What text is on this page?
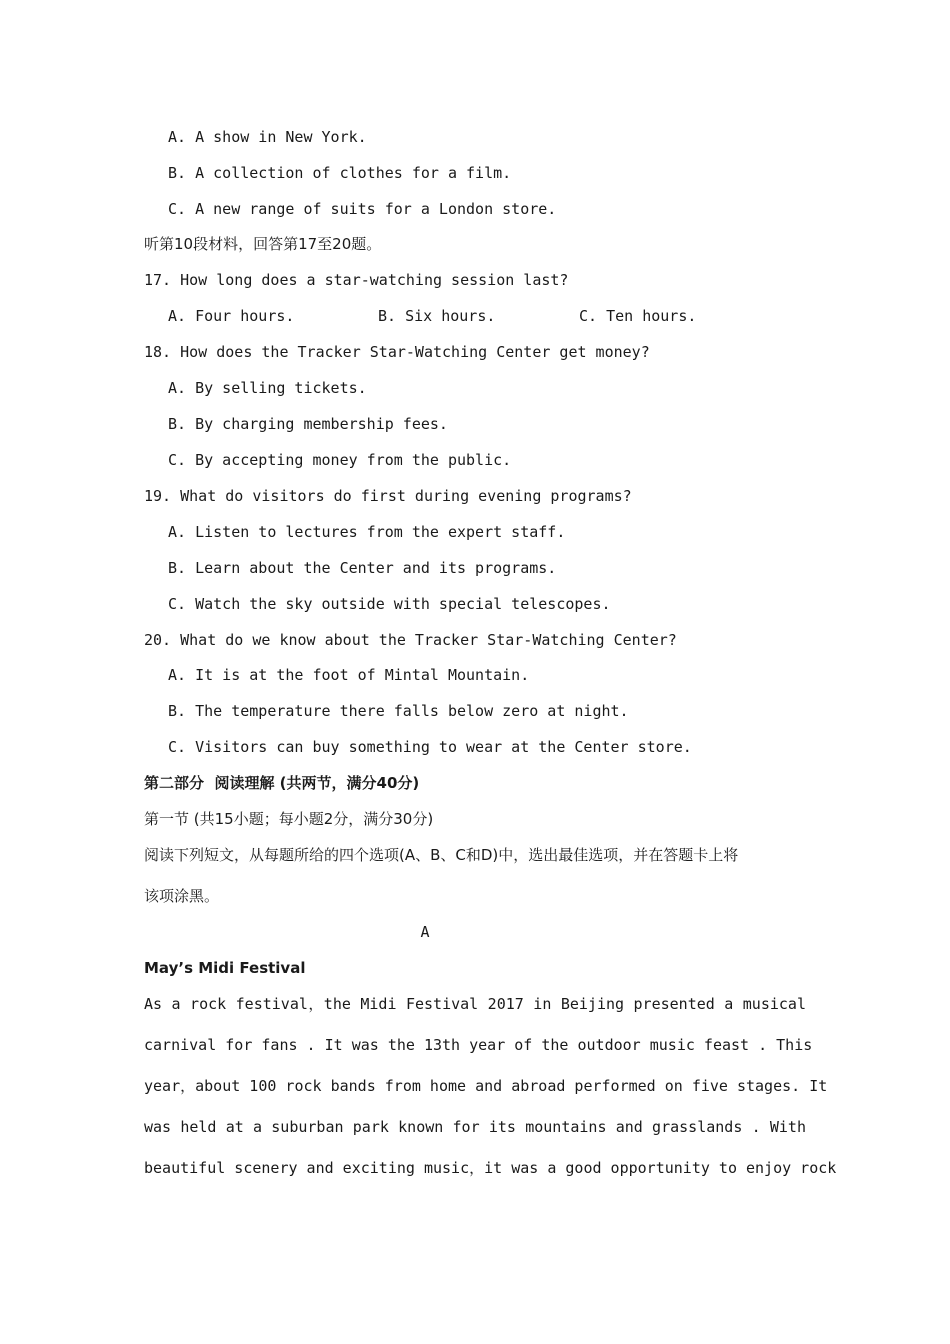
A. A show in New York.

B. A collection of clothes for a film.

C. A new range of suits for a London store.

听第10段材料，回答第17至20题。

17. How long does a star-watching session last?

A. Four hours.	B. Six hours.	C. Ten hours.

18. How does the Tracker Star-Watching Center get money?

A. By selling tickets.

B. By charging membership fees.

C. By accepting money from the public.

19. What do visitors do first during evening programs?

A. Listen to lectures from the expert staff.

B. Learn about the Center and its programs.

C. Watch the sky outside with special telescopes.

20. What do we know about the Tracker Star-Watching Center?

A. It is at the foot of Mintal Mountain.

B. The temperature there falls below zero at night.

C. Visitors can buy something to wear at the Center store.

第二部分  阅读理解 (共两节，满分40分)

第一节 (共15小题；每小题2分，满分30分)

阅读下列短文，从每题所给的四个选项(A、B、C和D)中，选出最佳选项，并在答题卡上将

该项涂黑。

A

May’s Midi Festival

As a rock festival，the Midi Festival 2017 in Beijing presented a musical

carnival for fans . It was the 13th year of the outdoor music feast . This

year，about 100 rock bands from home and abroad performed on five stages. It

was held at a suburban park known for its mountains and grasslands . With

beautiful scenery and exciting music，it was a good opportunity to enjoy rock
